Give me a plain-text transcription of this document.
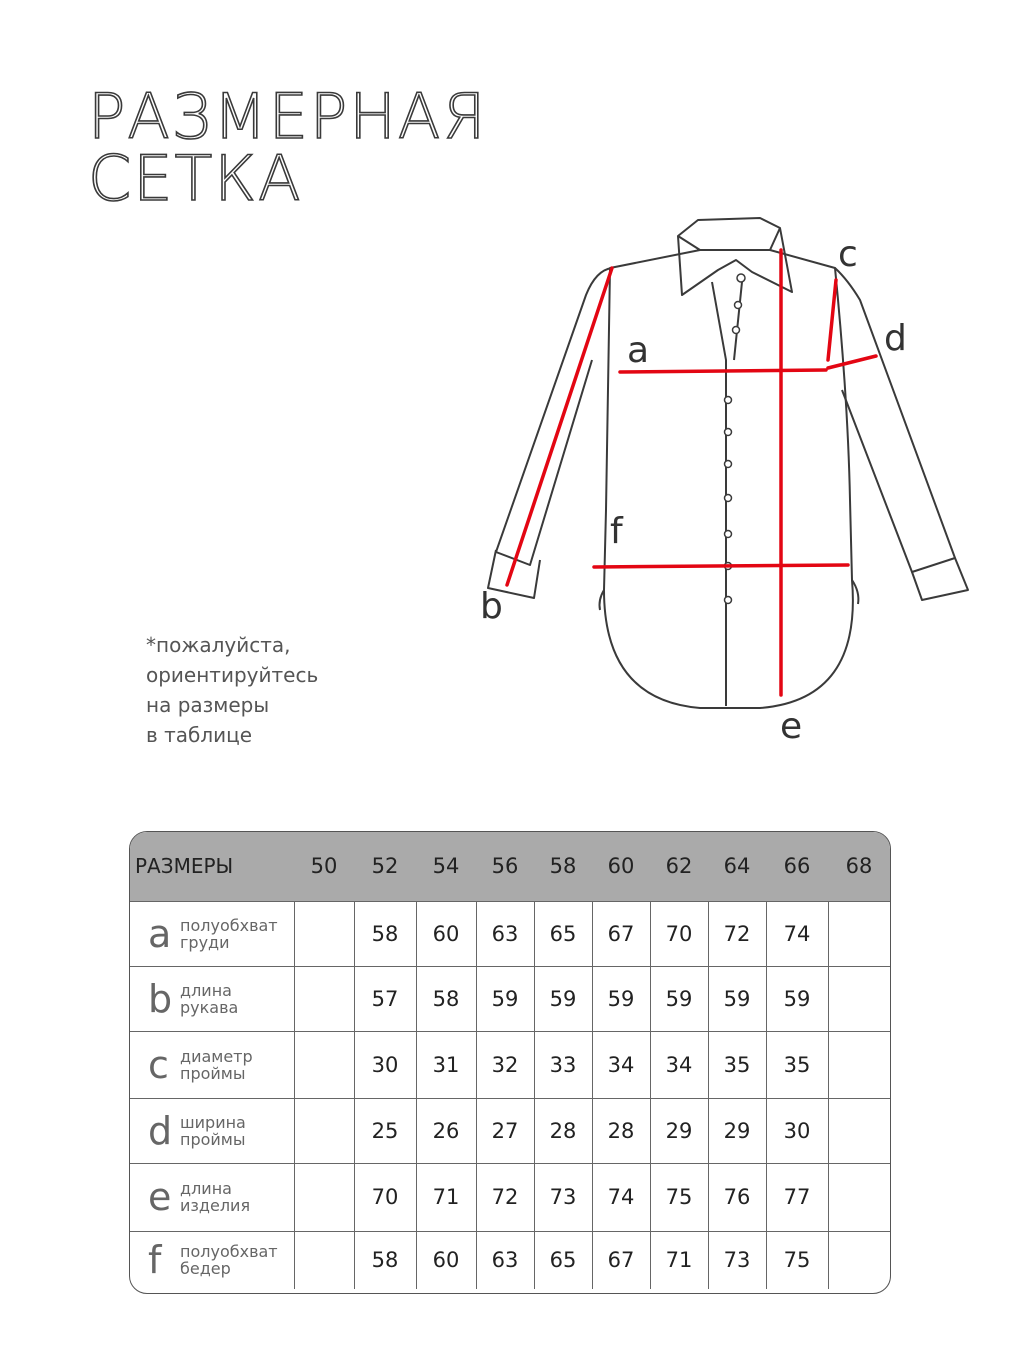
РАЗМЕРНАЯ
СЕТКА
a
b
c
d
e
f
*пожалуйста,
ориентируйтесь
на размеры
в таблице
РАЗМЕРЫ	50	52	54	56	58	60	62	64	66	68

a полуобхват
груди		58	60	63	65	67	70	72	74	

b длина
рукава		57	58	59	59	59	59	59	59	

c диаметр
проймы		30	31	32	33	34	34	35	35	

d ширина
проймы		25	26	27	28	28	29	29	30	

e длина
изделия		70	71	72	73	74	75	76	77	

f полуобхват
бедер		58	60	63	65	67	71	73	75	
